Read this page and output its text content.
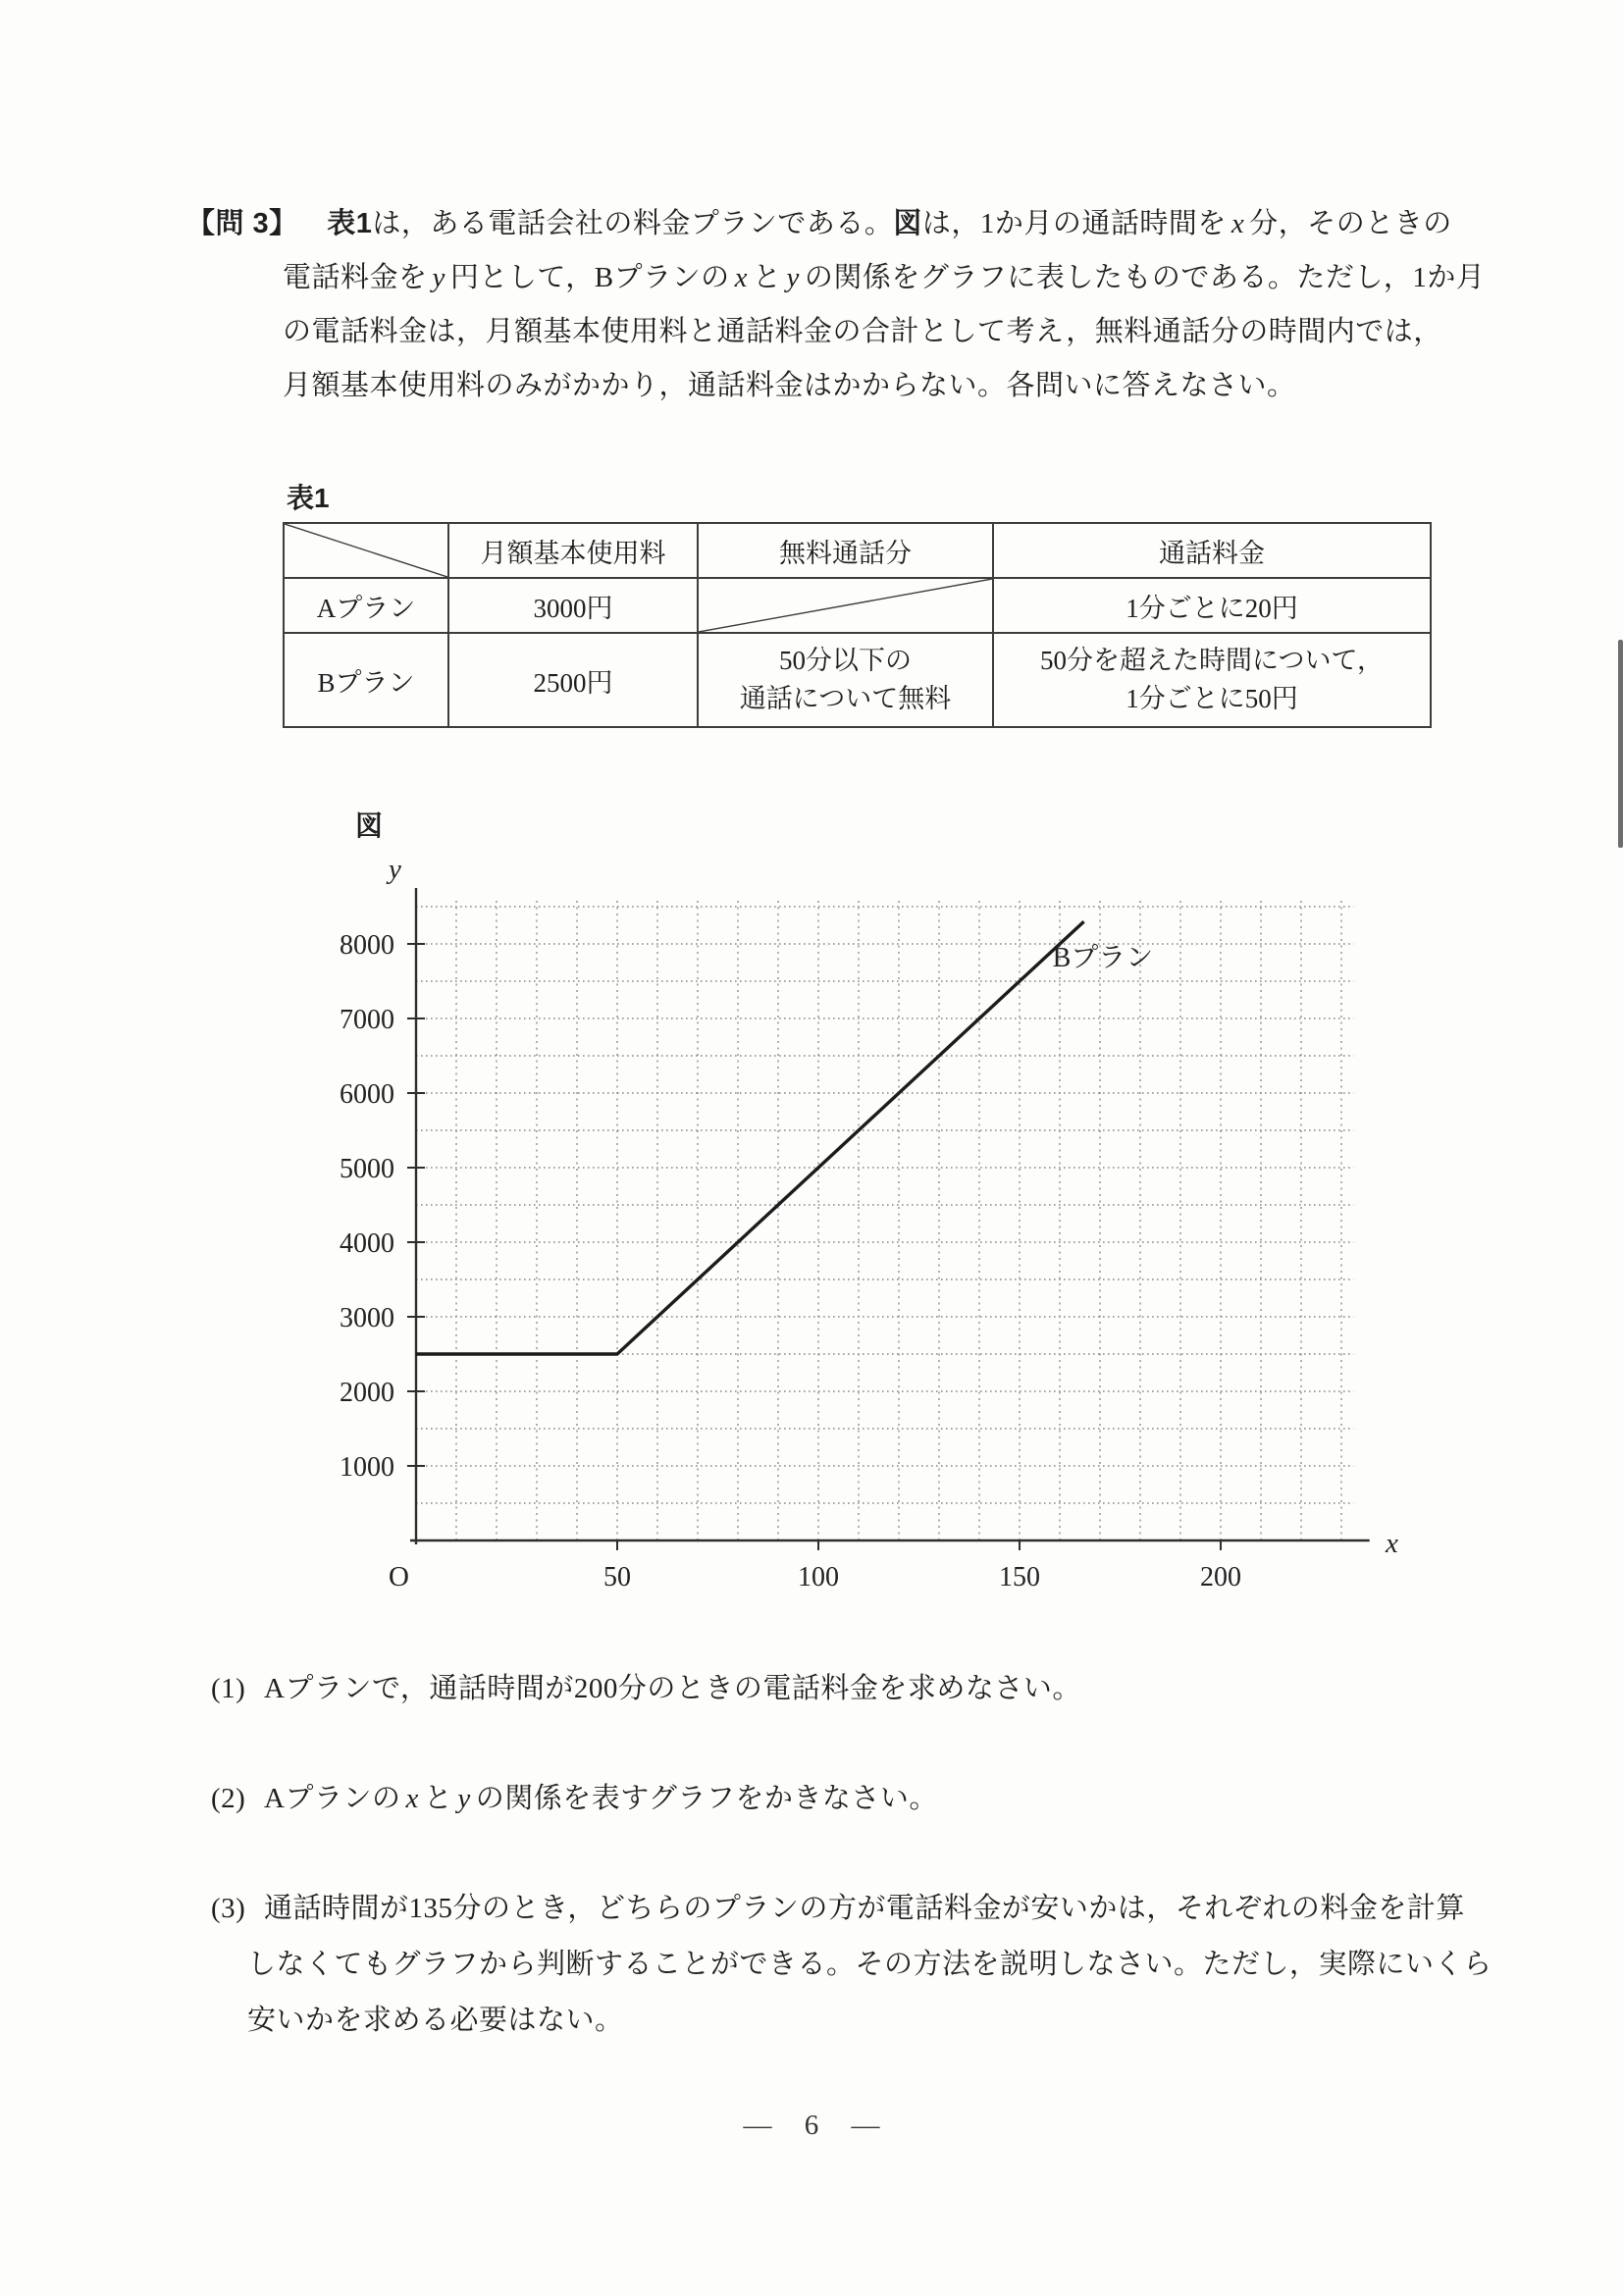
【問 3】 表1は，ある電話会社の料金プランである。図は，1か月の通話時間を x 分，そのときの
電話料金を y 円として，Bプランの x と y の関係をグラフに表したものである。ただし，1か月
の電話料金は，月額基本使用料と通話料金の合計として考え，無料通話分の時間内では，
月額基本使用料のみがかかり，通話料金はかからない。各問いに答えなさい。
表1
	月額基本使用料	無料通話分	通話料金
Aプラン	3000円		1分ごとに20円
Bプラン	2500円	50分以下の
通話について無料	50分を超えた時間について，
1分ごとに50円
図
50	100	150	200
1000
2000
3000
4000
5000
6000
7000
8000
x
y
O
Bプラン
(1) Aプランで，通話時間が200分のときの電話料金を求めなさい。
(2) Aプランの x と y の関係を表すグラフをかきなさい。
(3) 通話時間が135分のとき，どちらのプランの方が電話料金が安いかは，それぞれの料金を計算
しなくてもグラフから判断することができる。その方法を説明しなさい。ただし，実際にいくら
安いかを求める必要はない。
— 6 —
